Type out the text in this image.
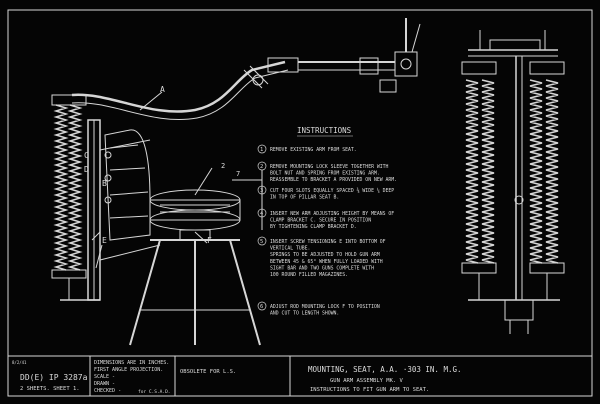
A
C
D
B
E	F
2
7
INSTRUCTIONS
1 REMOVE EXISTING ARM FROM SEAT.
2 REMOVE MOUNTING LOCK SLEEVE TOGETHER WITH
BOLT NUT AND SPRING FROM EXISTING ARM.
REASSEMBLE TO BRACKET A PROVIDED ON NEW ARM.
3 CUT FOUR SLOTS EQUALLY SPACED ⅜ WIDE ¼ DEEP
IN TOP OF PILLAR SEAT B.
4 INSERT NEW ARM ADJUSTING HEIGHT BY MEANS OF
CLAMP BRACKET C. SECURE IN POSITION
BY TIGHTENING CLAMP BRACKET D.
5 INSERT SCREW TENSIONING E INTO BOTTOM OF
VERTICAL TUBE.
SPRINGS TO BE ADJUSTED TO HOLD GUN ARM
BETWEEN 45 & 65° WHEN FULLY LOADED WITH
SIGHT BAR AND TWO GUNS COMPLETE WITH
100 ROUND FILLED MAGAZINES.
6 ADJUST ROD MOUNTING LOCK F TO POSITION
AND CUT TO LENGTH SHOWN.
DD(E) IP 3287a
2 SHEETS. SHEET 1.
8/2/41	DIMENSIONS ARE IN INCHES.
FIRST ANGLE PROJECTION.
SCALE -
DRAWN -
CHECKED -	for C.S.A.D.
OBSOLETE FOR L.S.	MOUNTING, SEAT, A.A. ·303 IN. M.G.
GUN ARM ASSEMBLY MK. V
INSTRUCTIONS TO FIT GUN ARM TO SEAT.
